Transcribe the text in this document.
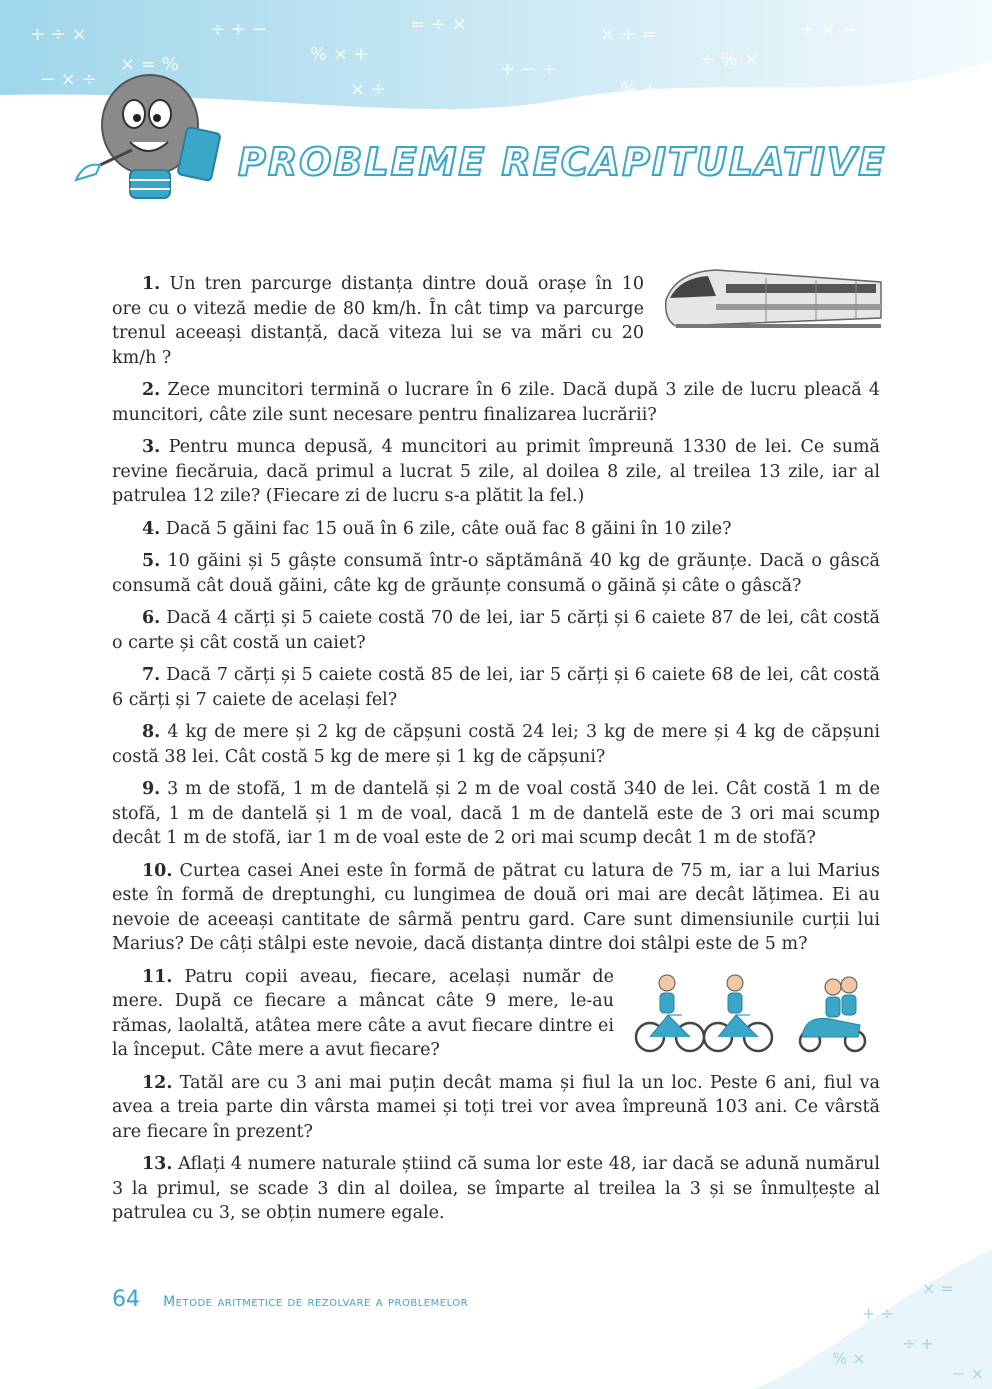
+ ÷ ×
× = %
÷ + −
% × +
= ÷ ×
+ − ÷
× + =
÷ % ×
+ × −
− × ÷	× ÷	% +
PROBLEME RECAPITULATIVE

1. Un tren parcurge distanța dintre două orașe în 10 ore cu o viteză medie de 80 km/h. În cât timp va parcurge trenul aceeași distanță, dacă viteza lui se va mări cu 20 km/h ?

2. Zece muncitori termină o lucrare în 6 zile. Dacă după 3 zile de lucru pleacă 4 muncitori, câte zile sunt necesare pentru finalizarea lucrării?

3. Pentru munca depusă, 4 muncitori au primit împreună 1330 de lei. Ce sumă revine fiecăruia, dacă primul a lucrat 5 zile, al doilea 8 zile, al treilea 13 zile, iar al patrulea 12 zile? (Fiecare zi de lucru s-a plătit la fel.)

4. Dacă 5 găini fac 15 ouă în 6 zile, câte ouă fac 8 găini în 10 zile?

5. 10 găini și 5 gâște consumă într-o săptămână 40 kg de grăunțe. Dacă o gâscă consumă cât două găini, câte kg de grăunțe consumă o găină și câte o gâscă?

6. Dacă 4 cărți și 5 caiete costă 70 de lei, iar 5 cărți și 6 caiete 87 de lei, cât costă o carte și cât costă un caiet?

7. Dacă 7 cărți și 5 caiete costă 85 de lei, iar 5 cărți și 6 caiete 68 de lei, cât costă 6 cărți și 7 caiete de același fel?

8. 4 kg de mere și 2 kg de căpșuni costă 24 lei; 3 kg de mere și 4 kg de căpșuni costă 38 lei. Cât costă 5 kg de mere și 1 kg de căpșuni?

9. 3 m de stofă, 1 m de dantelă și 2 m de voal costă 340 de lei. Cât costă 1 m de stofă, 1 m de dantelă și 1 m de voal, dacă 1 m de dantelă este de 3 ori mai scump decât 1 m de stofă, iar 1 m de voal este de 2 ori mai scump decât 1 m de stofă?

10. Curtea casei Anei este în formă de pătrat cu latura de 75 m, iar a lui Marius este în formă de dreptunghi, cu lungimea de două ori mai are decât lățimea. Ei au nevoie de aceeași cantitate de sârmă pentru gard. Care sunt dimensiunile curții lui Marius? De câți stâlpi este nevoie, dacă distanța dintre doi stâlpi este de 5 m?

11. Patru copii aveau, fiecare, același număr de mere. După ce fiecare a mâncat câte 9 mere, le-au rămas, laolaltă, atâtea mere câte a avut fiecare dintre ei la început. Câte mere a avut fiecare?

12. Tatăl are cu 3 ani mai puțin decât mama și fiul la un loc. Peste 6 ani, fiul va avea a treia parte din vârsta mamei și toți trei vor avea împreună 103 ani. Ce vârstă are fiecare în prezent?

13. Aflați 4 numere naturale știind că suma lor este 48, iar dacă se adună numărul 3 la primul, se scade 3 din al doilea, se împarte al treilea la 3 și se înmulțește al patrulea cu 3, se obțin numere egale.

64 Metode aritmetice de rezolvare a problemelor
+ ÷
× =
% ×
÷ +
− ×
